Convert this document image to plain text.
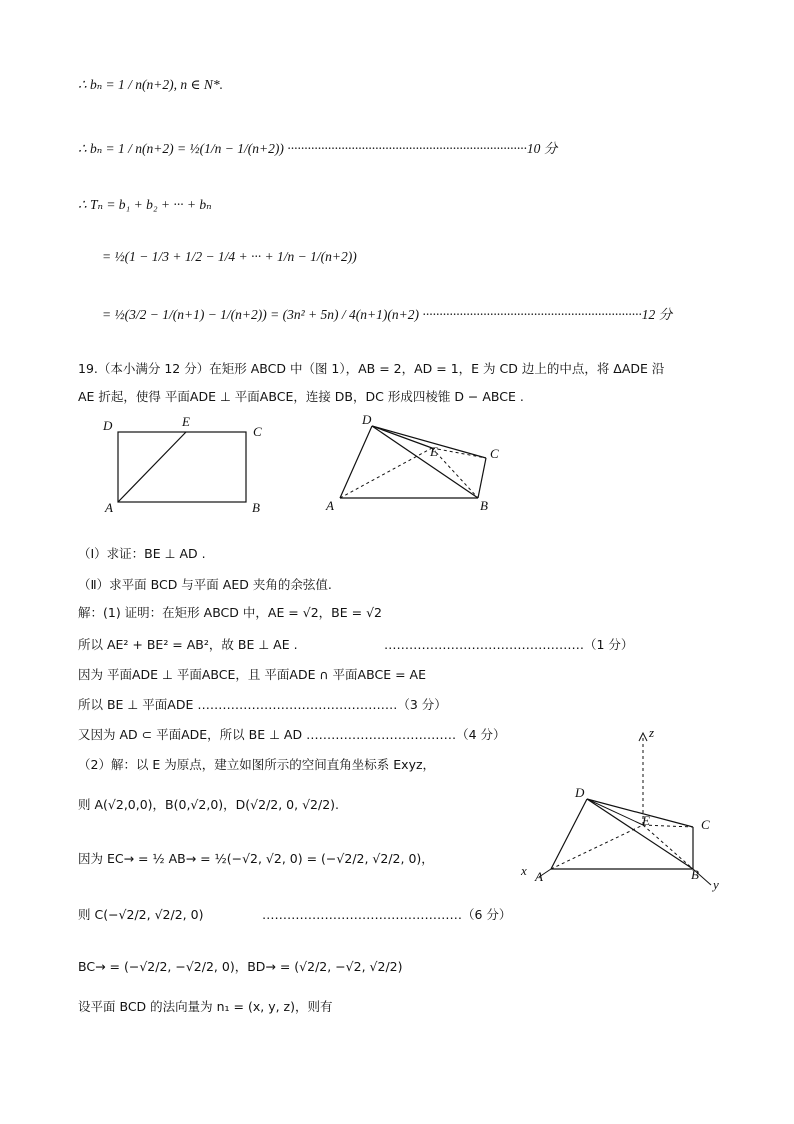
∴ bₙ = 1 / n(n+2), n ∈ N*.
∴ bₙ = 1 / n(n+2) = ½(1/n − 1/(n+2)) ·······································································10 分
∴ Tₙ = b₁ + b₂ + ··· + bₙ
= ½(1 − 1/3 + 1/2 − 1/4 + ··· + 1/n − 1/(n+2))
= ½(3/2 − 1/(n+1) − 1/(n+2)) = (3n² + 5n) / 4(n+1)(n+2) ·································································12 分
19.（本小满分 12 分）在矩形 ABCD 中（图 1），AB = 2，AD = 1，E 为 CD 边上的中点，将 ΔADE 沿
AE 折起，使得 平面ADE ⊥ 平面ABCE，连接 DB，DC 形成四棱锥 D − ABCE .
D	E
C
A	B
D
E	C
A	B
（Ⅰ）求证：BE ⊥ AD .
（Ⅱ）求平面 BCD 与平面 AED 夹角的余弦值.
解：(1) 证明：在矩形 ABCD 中，AE = √2，BE = √2
所以 AE² + BE² = AB²，故 BE ⊥ AE .	…………………………………………（1 分）
因为 平面ADE ⊥ 平面ABCE，且 平面ADE ∩ 平面ABCE = AE
所以 BE ⊥ 平面ADE …………………………………………（3 分）
又因为 AD ⊂ 平面ADE，所以 BE ⊥ AD ………………………………（4 分）
（2）解：以 E 为原点，建立如图所示的空间直角坐标系 Exyz，
则 A(√2,0,0)，B(0,√2,0)，D(√2/2, 0, √2/2).
因为 EC→ = ½ AB→ = ½(−√2, √2, 0) = (−√2/2, √2/2, 0)，
则 C(−√2/2, √2/2, 0)	…………………………………………（6 分）
BC→ = (−√2/2, −√2/2, 0)，BD→ = (√2/2, −√2, √2/2)
设平面 BCD 的法向量为 n₁ = (x, y, z)，则有
z
D
E	C
x A	B
y
